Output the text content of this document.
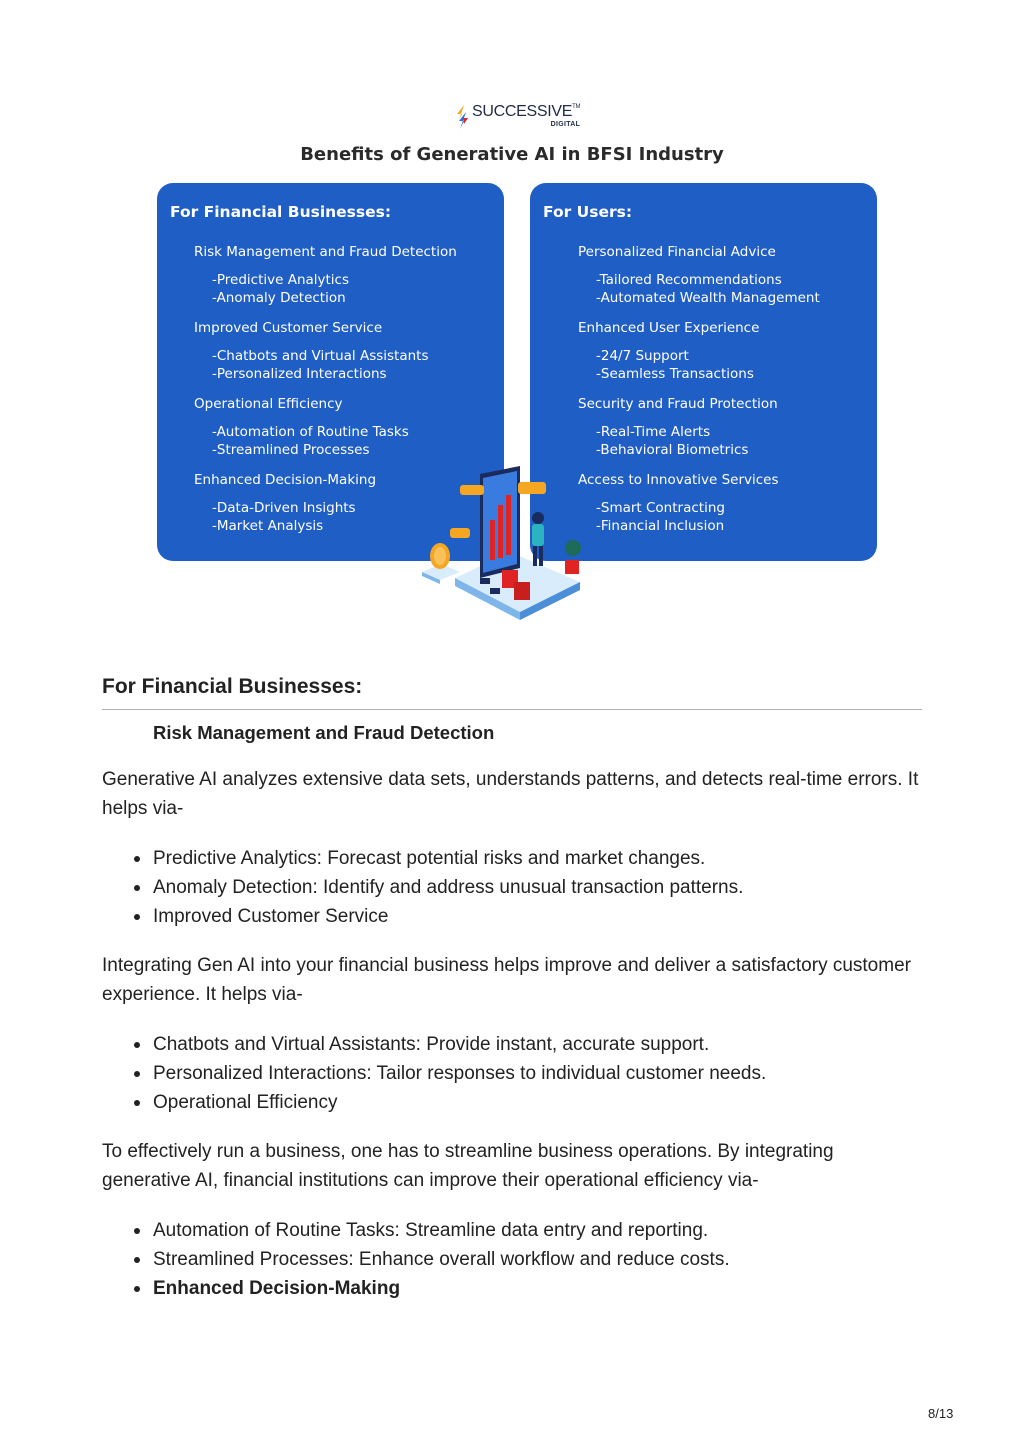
SUCCESSIVE™
DIGITAL
Benefits of Generative AI in BFSI Industry
For Financial Businesses:
Risk Management and Fraud Detection
-Predictive Analytics
-Anomaly Detection
Improved Customer Service
-Chatbots and Virtual Assistants
-Personalized Interactions
Operational Efficiency
-Automation of Routine Tasks
-Streamlined Processes
Enhanced Decision-Making
-Data-Driven Insights
-Market Analysis
For Users:
Personalized Financial Advice
-Tailored Recommendations
-Automated Wealth Management
Enhanced User Experience
-24/7 Support
-Seamless Transactions
Security and Fraud Protection
-Real-Time Alerts
-Behavioral Biometrics
Access to Innovative Services
-Smart Contracting
-Financial Inclusion
For Financial Businesses:
Risk Management and Fraud Detection

Generative AI analyzes extensive data sets, understands patterns, and detects real-time errors. It helps via-

Predictive Analytics: Forecast potential risks and market changes.
Anomaly Detection: Identify and address unusual transaction patterns.
Improved Customer Service

Integrating Gen AI into your financial business helps improve and deliver a satisfactory customer experience. It helps via-

Chatbots and Virtual Assistants: Provide instant, accurate support.
Personalized Interactions: Tailor responses to individual customer needs.
Operational Efficiency

To effectively run a business, one has to streamline business operations. By integrating generative AI, financial institutions can improve their operational efficiency via-

Automation of Routine Tasks: Streamline data entry and reporting.
Streamlined Processes: Enhance overall workflow and reduce costs.
Enhanced Decision-Making
8/13
